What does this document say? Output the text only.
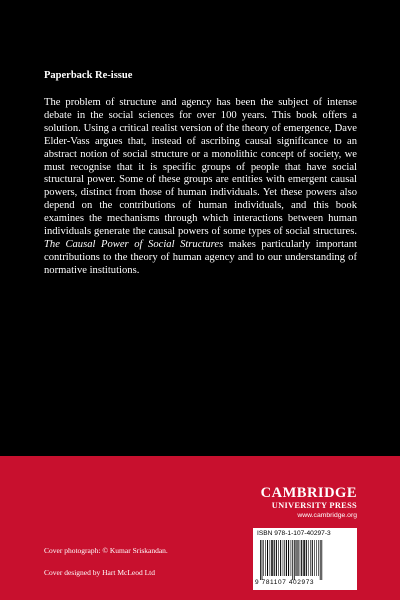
Paperback Re-issue
The problem of structure and agency has been the subject of intense debate in the social sciences for over 100 years. This book offers a solution. Using a critical realist version of the theory of emergence, Dave Elder-Vass argues that, instead of ascribing causal significance to an abstract notion of social structure or a monolithic concept of society, we must recognise that it is specific groups of people that have social structural power. Some of these groups are entities with emergent causal powers, distinct from those of human individuals. Yet these powers also depend on the contributions of human individuals, and this book examines the mechanisms through which interactions between human individuals generate the causal powers of some types of social structures. The Causal Power of Social Structures makes particularly important contributions to the theory of human agency and to our understanding of normative institutions.
CAMBRIDGE
UNIVERSITY PRESS
www.cambridge.org
Cover photograph: © Kumar Sriskandan.
Cover designed by Hart McLeod Ltd
ISBN 978-1-107-40297-3
9 781107 402973
